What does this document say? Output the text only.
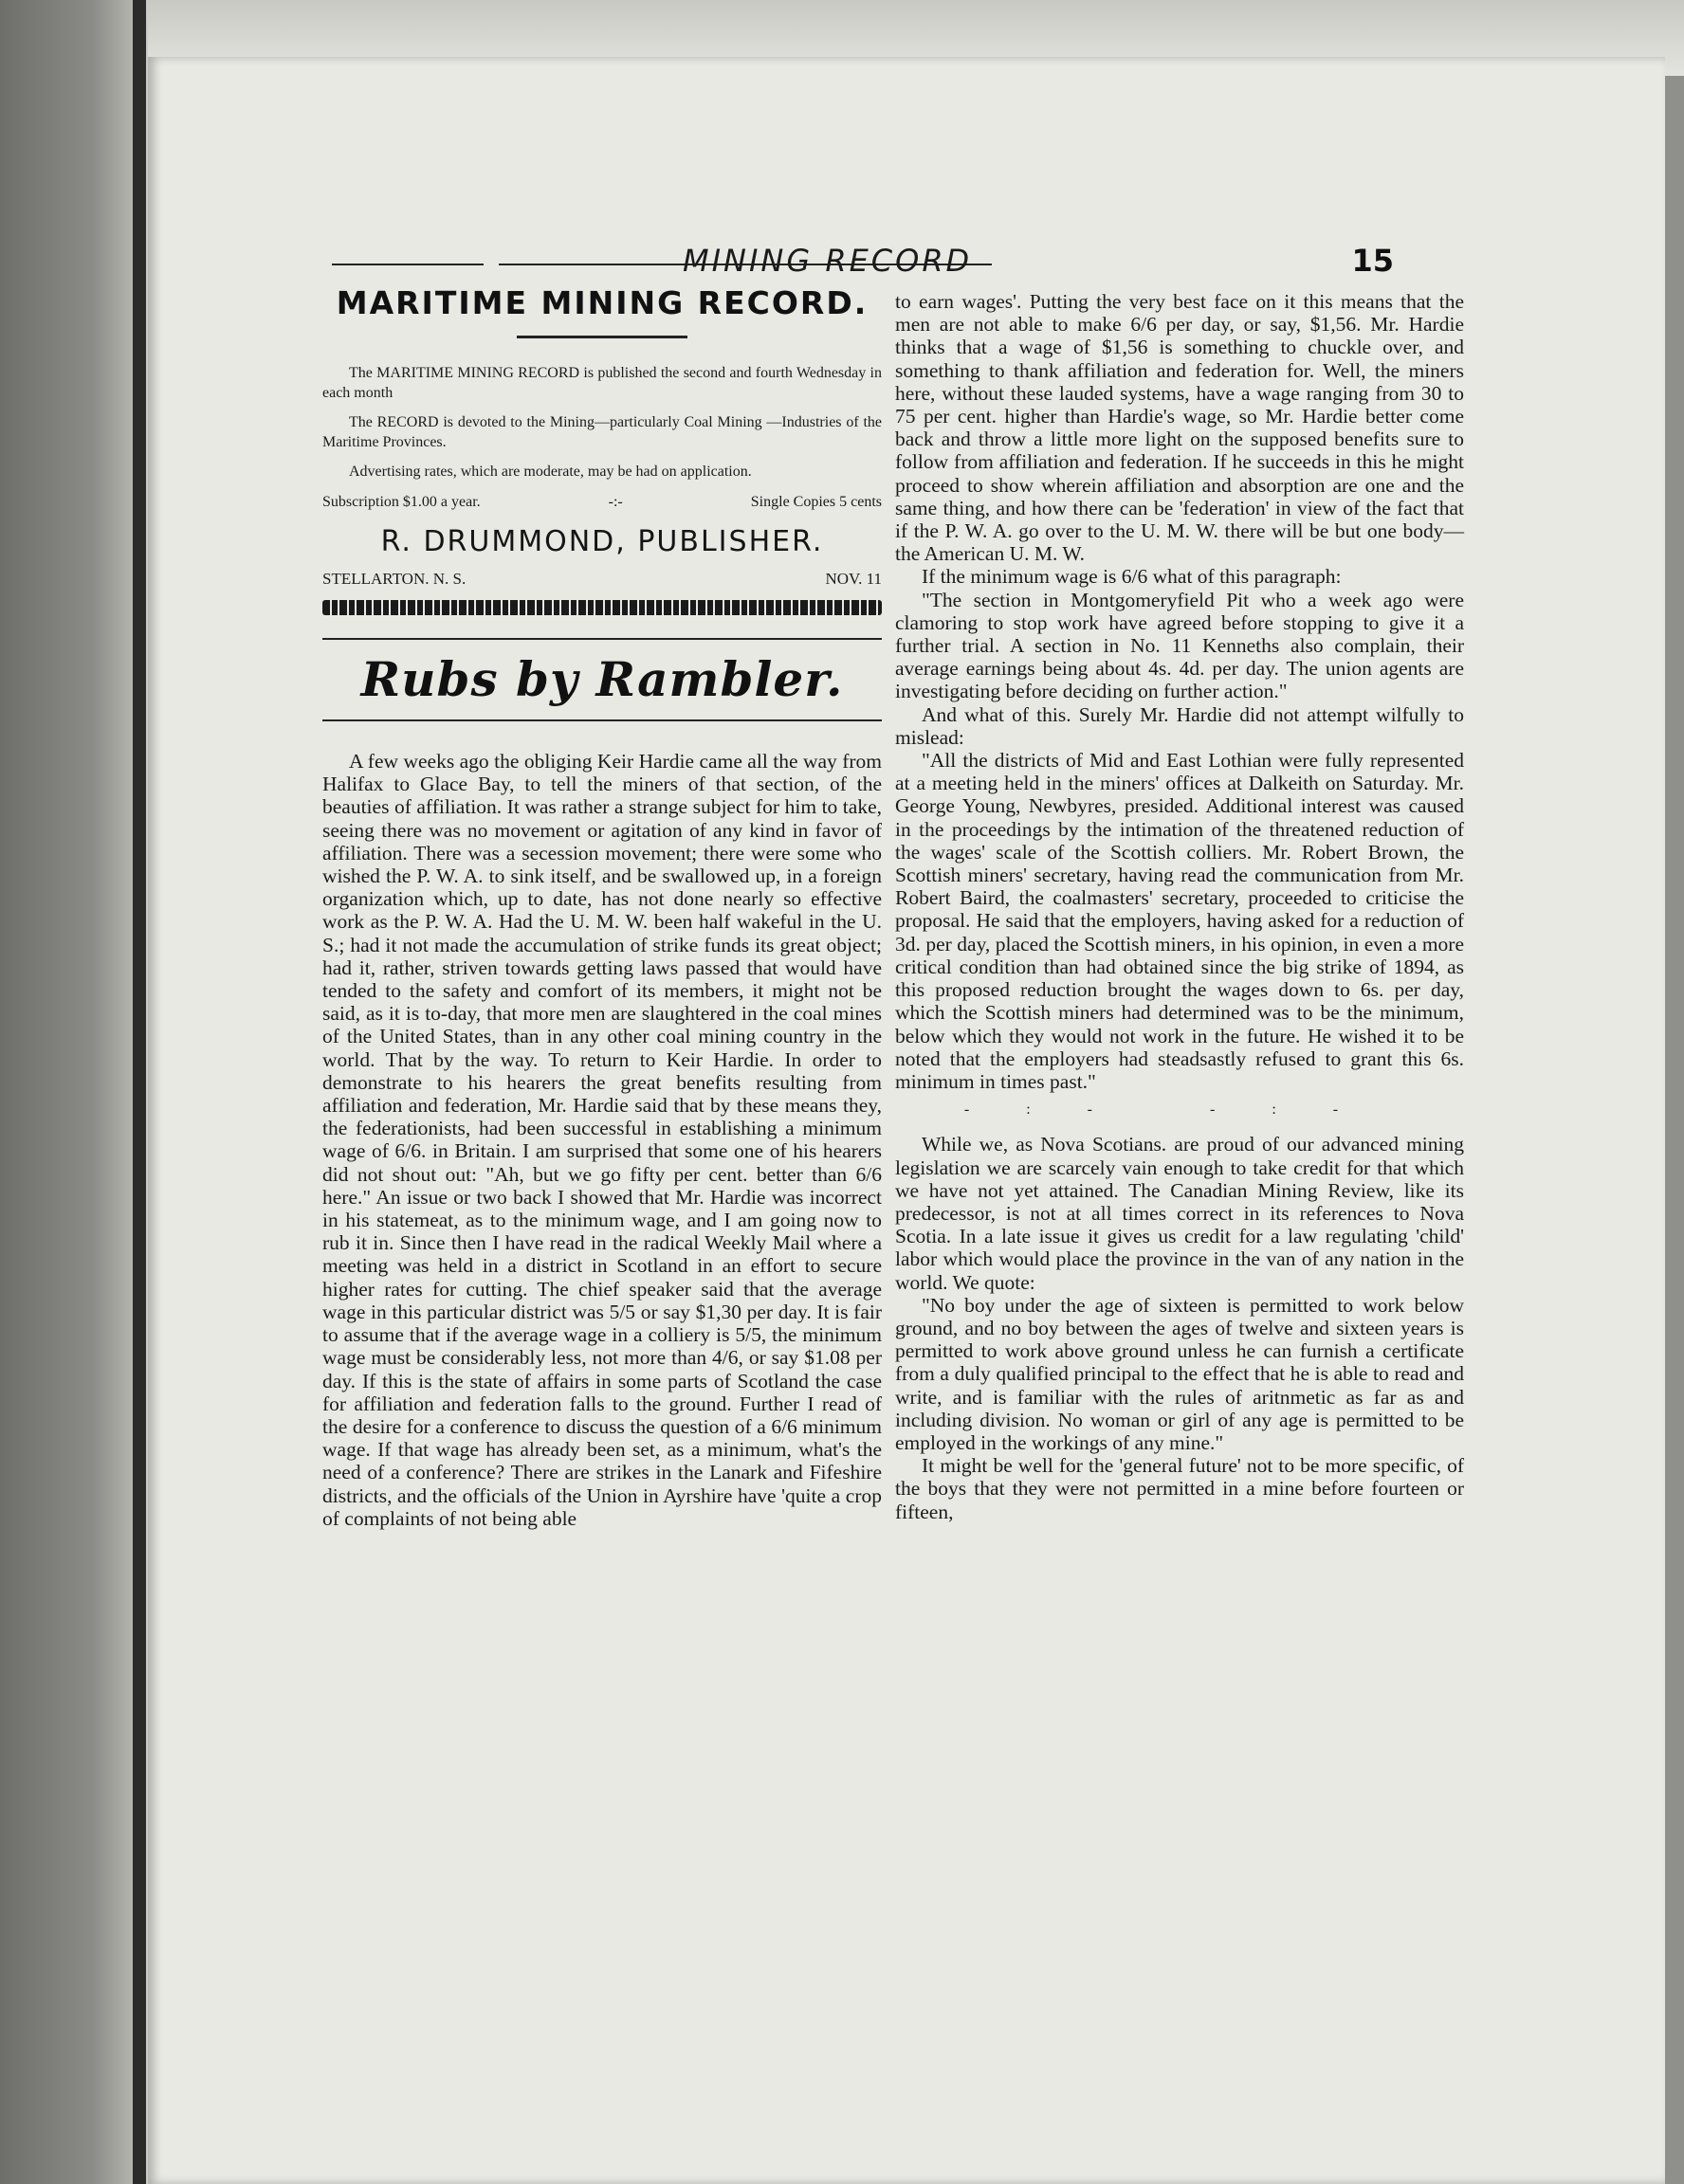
MINING RECORD	15
MARITIME MINING RECORD.

The MARITIME MINING RECORD is published the second and fourth Wednesday in each month

The RECORD is devoted to the Mining—particularly Coal Mining —Industries of the Maritime Provinces.

Advertising rates, which are moderate, may be had on application.

Subscription $1.00 a year.	-:-	Single Copies 5 cents
R. DRUMMOND, PUBLISHER.
STELLARTON. N. S.	NOV. 11
Rubs by Rambler.

A few weeks ago the obliging Keir Hardie came all the way from Halifax to Glace Bay, to tell the miners of that section, of the beauties of affiliation. It was rather a strange subject for him to take, seeing there was no movement or agitation of any kind in favor of affiliation. There was a secession movement; there were some who wished the P. W. A. to sink itself, and be swallowed up, in a foreign organization which, up to date, has not done nearly so effective work as the P. W. A. Had the U. M. W. been half wakeful in the U. S.; had it not made the accumulation of strike funds its great object; had it, rather, striven towards getting laws passed that would have tended to the safety and comfort of its members, it might not be said, as it is to-day, that more men are slaughtered in the coal mines of the United States, than in any other coal mining country in the world. That by the way. To return to Keir Hardie. In order to demonstrate to his hearers the great benefits resulting from affiliation and federation, Mr. Hardie said that by these means they, the federationists, had been successful in establishing a minimum wage of 6/6. in Britain. I am surprised that some one of his hearers did not shout out: "Ah, but we go fifty per cent. better than 6/6 here." An issue or two back I showed that Mr. Hardie was incorrect in his statemeat, as to the minimum wage, and I am going now to rub it in. Since then I have read in the radical Weekly Mail where a meeting was held in a district in Scotland in an effort to secure higher rates for cutting. The chief speaker said that the average wage in this particular district was 5/5 or say $1,30 per day. It is fair to assume that if the average wage in a colliery is 5/5, the minimum wage must be considerably less, not more than 4/6, or say $1.08 per day. If this is the state of affairs in some parts of Scotland the case for affiliation and federation falls to the ground. Further I read of the desire for a conference to discuss the question of a 6/6 minimum wage. If that wage has already been set, as a minimum, what's the need of a conference? There are strikes in the Lanark and Fifeshire districts, and the officials of the Union in Ayrshire have 'quite a crop of complaints of not being able

to earn wages'. Putting the very best face on it this means that the men are not able to make 6/6 per day, or say, $1,56. Mr. Hardie thinks that a wage of $1,56 is something to chuckle over, and something to thank affiliation and federation for. Well, the miners here, without these lauded systems, have a wage ranging from 30 to 75 per cent. higher than Hardie's wage, so Mr. Hardie better come back and throw a little more light on the supposed benefits sure to follow from affiliation and federation. If he succeeds in this he might proceed to show wherein affiliation and absorption are one and the same thing, and how there can be 'federation' in view of the fact that if the P. W. A. go over to the U. M. W. there will be but one body—the American U. M. W.

If the minimum wage is 6/6 what of this paragraph:

"The section in Montgomeryfield Pit who a week ago were clamoring to stop work have agreed before stopping to give it a further trial. A section in No. 11 Kenneths also complain, their average earnings being about 4s. 4d. per day. The union agents are investigating before deciding on further action."

And what of this. Surely Mr. Hardie did not attempt wilfully to mislead:

"All the districts of Mid and East Lothian were fully represented at a meeting held in the miners' offices at Dalkeith on Saturday. Mr. George Young, Newbyres, presided. Additional interest was caused in the proceedings by the intimation of the threatened reduction of the wages' scale of the Scottish colliers. Mr. Robert Brown, the Scottish miners' secretary, having read the communication from Mr. Robert Baird, the coalmasters' secretary, proceeded to criticise the proposal. He said that the employers, having asked for a reduction of 3d. per day, placed the Scottish miners, in his opinion, in even a more critical condition than had obtained since the big strike of 1894, as this proposed reduction brought the wages down to 6s. per day, which the Scottish miners had determined was to be the minimum, below which they would not work in the future. He wished it to be noted that the employers had steadsastly refused to grant this 6s. minimum in times past."

-:- -:-

While we, as Nova Scotians. are proud of our advanced mining legislation we are scarcely vain enough to take credit for that which we have not yet attained. The Canadian Mining Review, like its predecessor, is not at all times correct in its references to Nova Scotia. In a late issue it gives us credit for a law regulating 'child' labor which would place the province in the van of any nation in the world. We quote:

"No boy under the age of sixteen is permitted to work below ground, and no boy between the ages of twelve and sixteen years is permitted to work above ground unless he can furnish a certificate from a duly qualified principal to the effect that he is able to read and write, and is familiar with the rules of aritnmetic as far as and including division. No woman or girl of any age is permitted to be employed in the workings of any mine."

It might be well for the 'general future' not to be more specific, of the boys that they were not permitted in a mine before fourteen or fifteen,
